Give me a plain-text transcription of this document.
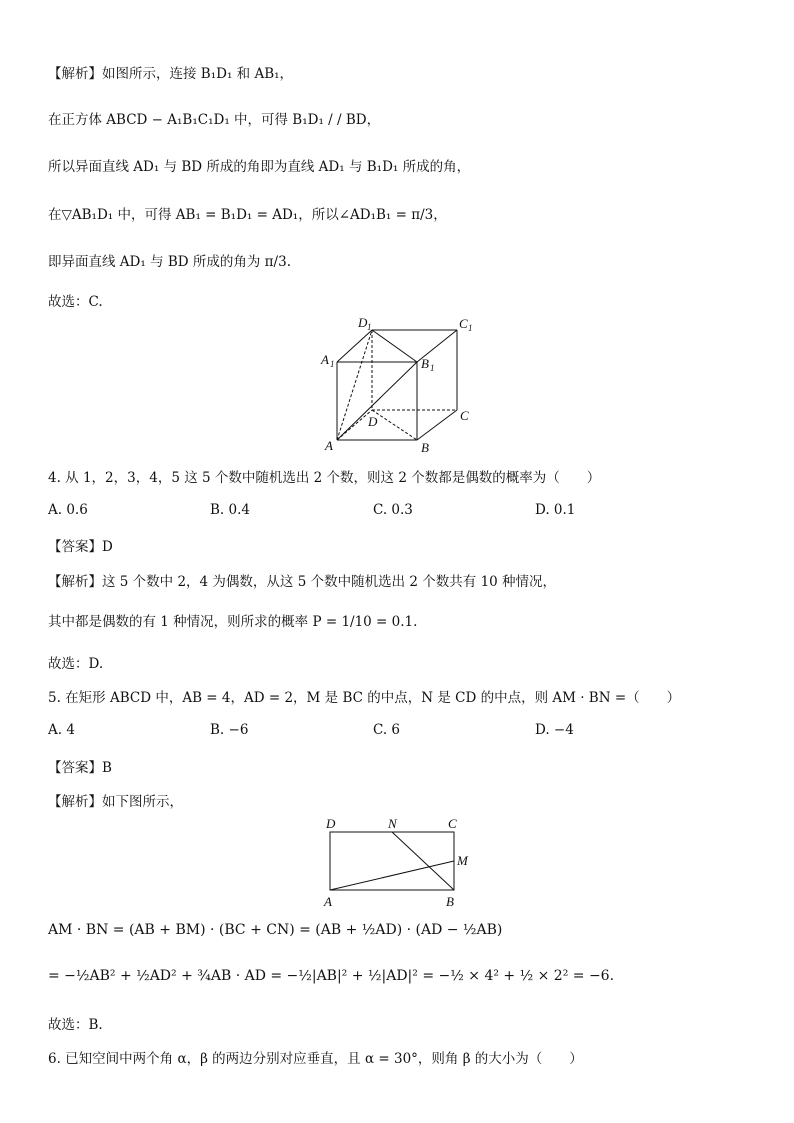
【解析】如图所示，连接 B₁D₁ 和 AB₁，
在正方体 ABCD − A₁B₁C₁D₁ 中，可得 B₁D₁ / / BD，
所以异面直线 AD₁ 与 BD 所成的角即为直线 AD₁ 与 B₁D₁ 所成的角，
在▽AB₁D₁ 中，可得 AB₁ = B₁D₁ = AD₁，所以∠AD₁B₁ = π/3，
即异面直线 AD₁ 与 BD 所成的角为 π/3.
故选：C.
D 1	C 1
A 1	B 1
D	C
A	B
4. 从 1，2，3，4，5 这 5 个数中随机选出 2 个数，则这 2 个数都是偶数的概率为（　　）
A. 0.6	B. 0.4	C. 0.3	D. 0.1
【答案】D
【解析】这 5 个数中 2，4 为偶数，从这 5 个数中随机选出 2 个数共有 10 种情况，
其中都是偶数的有 1 种情况，则所求的概率 P = 1/10 = 0.1.
故选：D.
5. 在矩形 ABCD 中，AB = 4，AD = 2，M 是 BC 的中点，N 是 CD 的中点，则 AM · BN =（　　）
A. 4	B. −6	C. 6	D. −4
【答案】B
【解析】如下图所示，
D	N	C
M
A	B
AM · BN = (AB + BM) · (BC + CN) = (AB + ½AD) · (AD − ½AB)
= −½AB² + ½AD² + ¾AB · AD = −½|AB|² + ½|AD|² = −½ × 4² + ½ × 2² = −6.
故选：B.
6. 已知空间中两个角 α，β 的两边分别对应垂直，且 α = 30°，则角 β 的大小为（　　）
